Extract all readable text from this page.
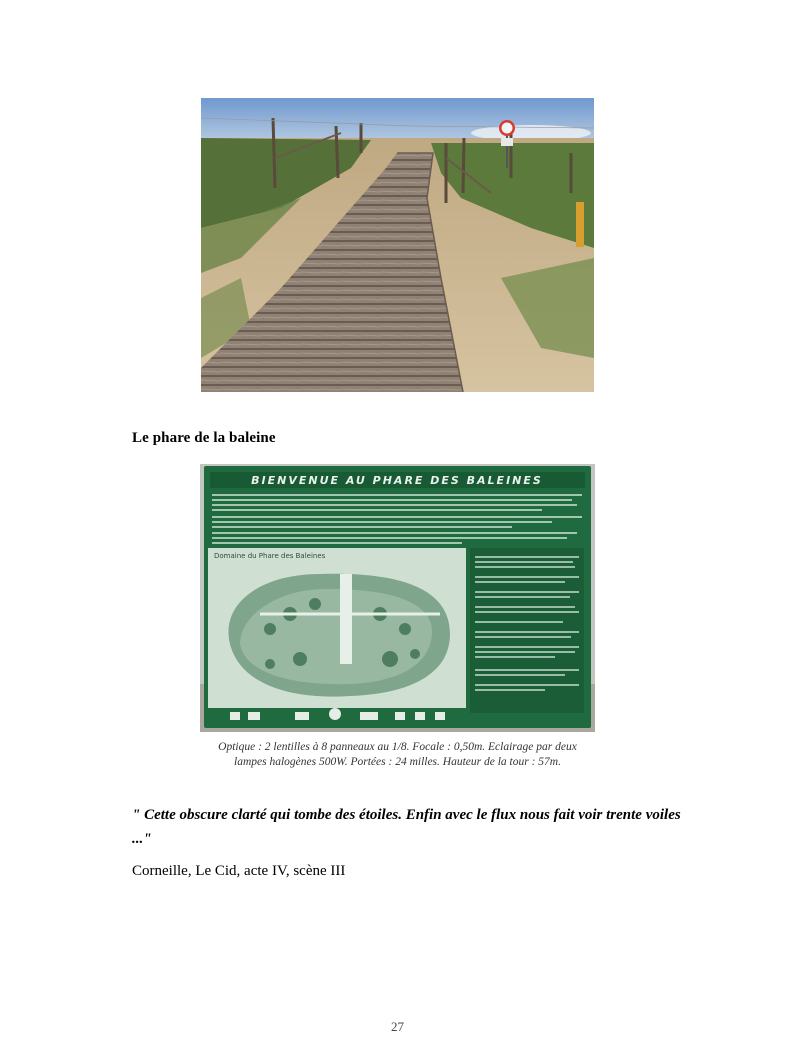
Le phare de la baleine
BIENVENUE AU PHARE DES BALEINES
Domaine du Phare des Baleines
Optique : 2 lentilles à 8 panneaux au 1/8. Focale : 0,50m. Eclairage par deux
lampes halogènes 500W. Portées : 24 milles. Hauteur de la tour : 57m.
" Cette obscure clarté qui tombe des étoiles. Enfin avec le flux nous fait voir trente voiles ..."
Corneille, Le Cid, acte IV, scène III
27
